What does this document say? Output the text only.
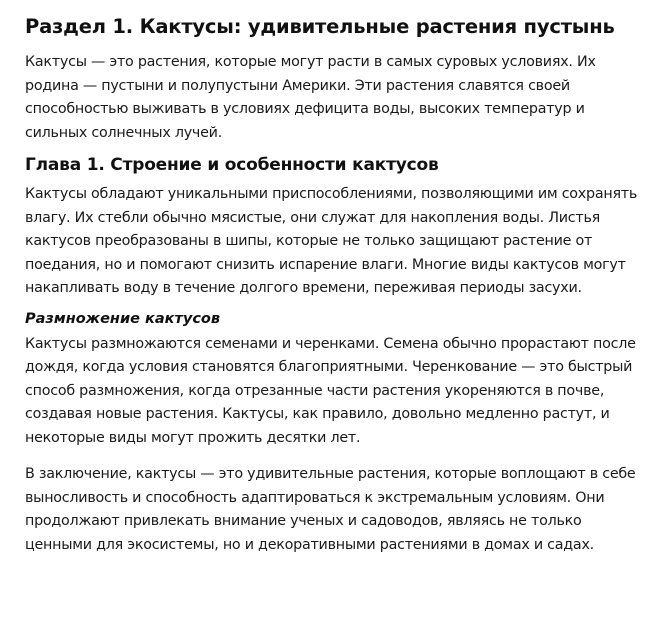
Раздел 1. Кактусы: удивительные растения пустынь

Кактусы — это растения, которые могут расти в самых суровых условиях. Их родина — пустыни и полупустыни Америки. Эти растения славятся своей способностью выживать в условиях дефицита воды, высоких температур и сильных солнечных лучей.

Глава 1. Строение и особенности кактусов

Кактусы обладают уникальными приспособлениями, позволяющими им сохранять влагу. Их стебли обычно мясистые, они служат для накопления воды. Листья кактусов преобразованы в шипы, которые не только защищают растение от поедания, но и помогают снизить испарение влаги. Многие виды кактусов могут накапливать воду в течение долгого времени, переживая периоды засухи.

Размножение кактусов

Кактусы размножаются семенами и черенками. Семена обычно прорастают после дождя, когда условия становятся благоприятными. Черенкование — это быстрый способ размножения, когда отрезанные части растения укореняются в почве, создавая новые растения. Кактусы, как правило, довольно медленно растут, и некоторые виды могут прожить десятки лет.

В заключение, кактусы — это удивительные растения, которые воплощают в себе выносливость и способность адаптироваться к экстремальным условиям. Они продолжают привлекать внимание ученых и садоводов, являясь не только ценными для экосистемы, но и декоративными растениями в домах и садах.
